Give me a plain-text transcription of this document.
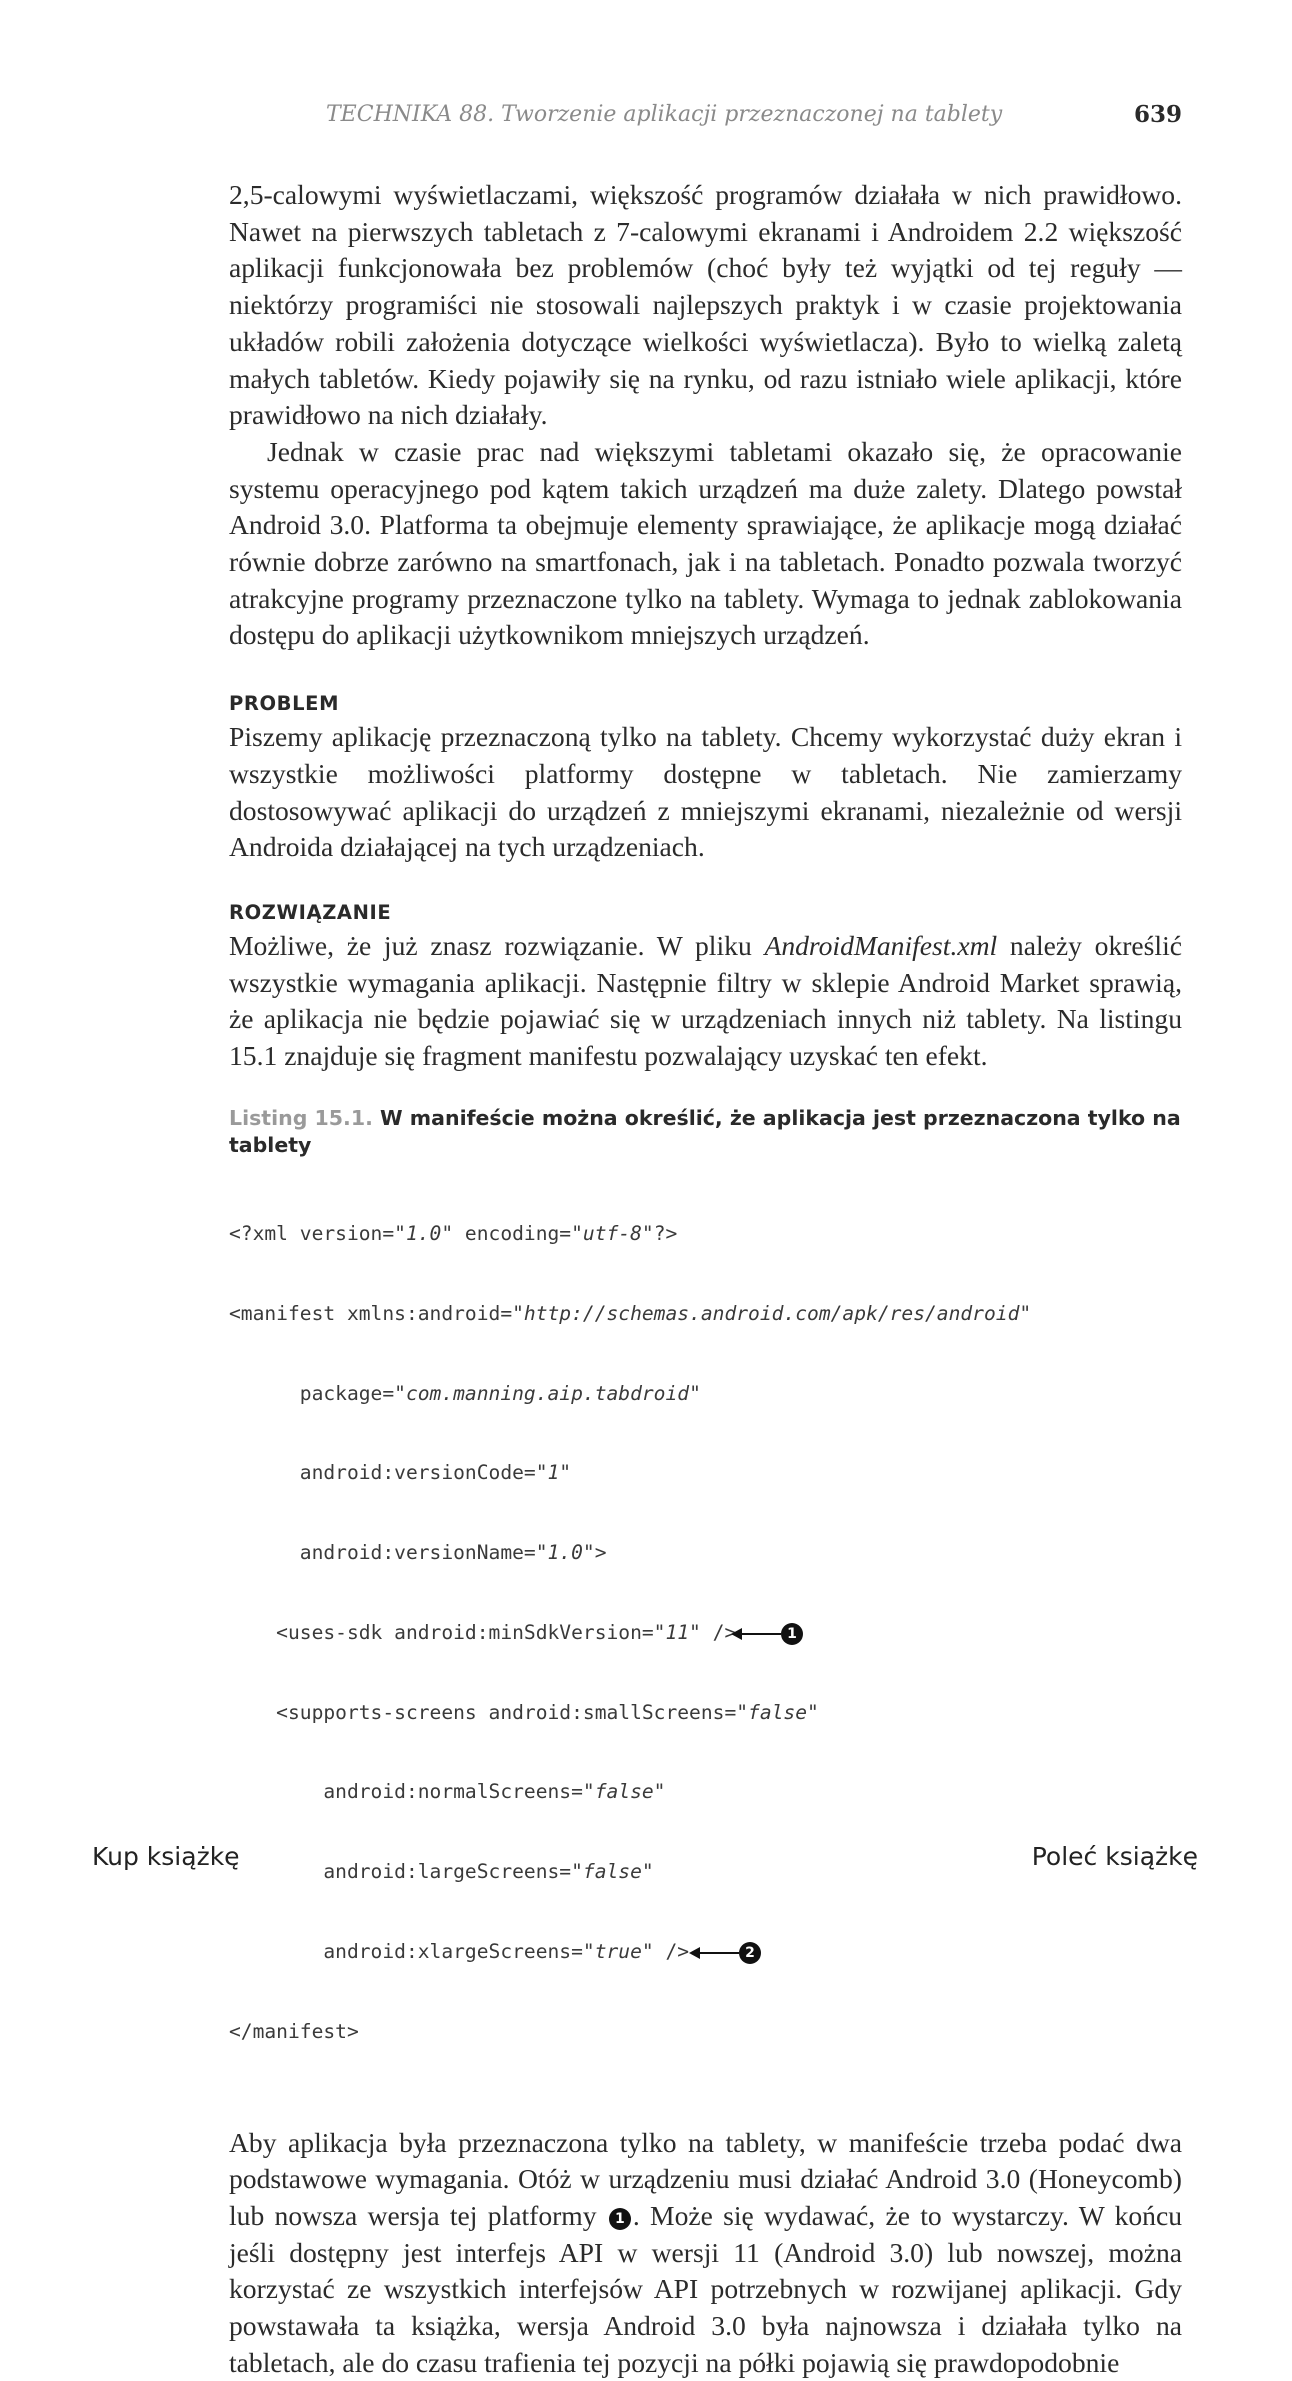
TECHNIKA 88. Tworzenie aplikacji przeznaczonej na tablety	639

2,5-calowymi wyświetlaczami, większość programów działała w nich prawidłowo. Nawet na pierwszych tabletach z 7-calowymi ekranami i Androidem 2.2 większość aplikacji funkcjonowała bez problemów (choć były też wyjątki od tej reguły — niektórzy programiści nie stosowali najlepszych praktyk i w czasie projektowania układów robili założenia dotyczące wielkości wyświetlacza). Było to wielką zaletą małych tabletów. Kiedy pojawiły się na rynku, od razu istniało wiele aplikacji, które prawidłowo na nich działały.

Jednak w czasie prac nad większymi tabletami okazało się, że opracowanie systemu operacyjnego pod kątem takich urządzeń ma duże zalety. Dlatego powstał Android 3.0. Platforma ta obejmuje elementy sprawiające, że aplikacje mogą działać równie dobrze zarówno na smartfonach, jak i na tabletach. Ponadto pozwala tworzyć atrakcyjne programy przeznaczone tylko na tablety. Wymaga to jednak zablokowania dostępu do aplikacji użytkownikom mniejszych urządzeń.

PROBLEM

Piszemy aplikację przeznaczoną tylko na tablety. Chcemy wykorzystać duży ekran i wszystkie możliwości platformy dostępne w tabletach. Nie zamierzamy dostosowywać aplikacji do urządzeń z mniejszymi ekranami, niezależnie od wersji Androida działającej na tych urządzeniach.

ROZWIĄZANIE

Możliwe, że już znasz rozwiązanie. W pliku AndroidManifest.xml należy określić wszystkie wymagania aplikacji. Następnie filtry w sklepie Android Market sprawią, że aplikacja nie będzie pojawiać się w urządzeniach innych niż tablety. Na listingu 15.1 znajduje się fragment manifestu pozwalający uzyskać ten efekt.

Listing 15.1. W manifeście można określić, że aplikacja jest przeznaczona tylko na tablety

<?xml version="1.0" encoding="utf-8"?>

<manifest xmlns:android="http://schemas.android.com/apk/res/android"

package="com.manning.aip.tabdroid"

android:versionCode="1"

android:versionName="1.0">

<uses-sdk android:minSdkVersion="11" />	1

<supports-screens android:smallScreens="false"

android:normalScreens="false"

android:largeScreens="false"

android:xlargeScreens="true" />	2

</manifest>

Aby aplikacja była przeznaczona tylko na tablety, w manifeście trzeba podać dwa podstawowe wymagania. Otóż w urządzeniu musi działać Android 3.0 (Honeycomb) lub nowsza wersja tej platformy 1 . Może się wydawać, że to wystarczy. W końcu jeśli dostępny jest interfejs API w wersji 11 (Android 3.0) lub nowszej, można korzystać ze wszystkich interfejsów API potrzebnych w rozwijanej aplikacji. Gdy powstawała ta książka, wersja Android 3.0 była najnowsza i działała tylko na tabletach, ale do czasu trafienia tej pozycji na półki pojawią się prawdopodobnie

Kup książkę	Poleć książkę
